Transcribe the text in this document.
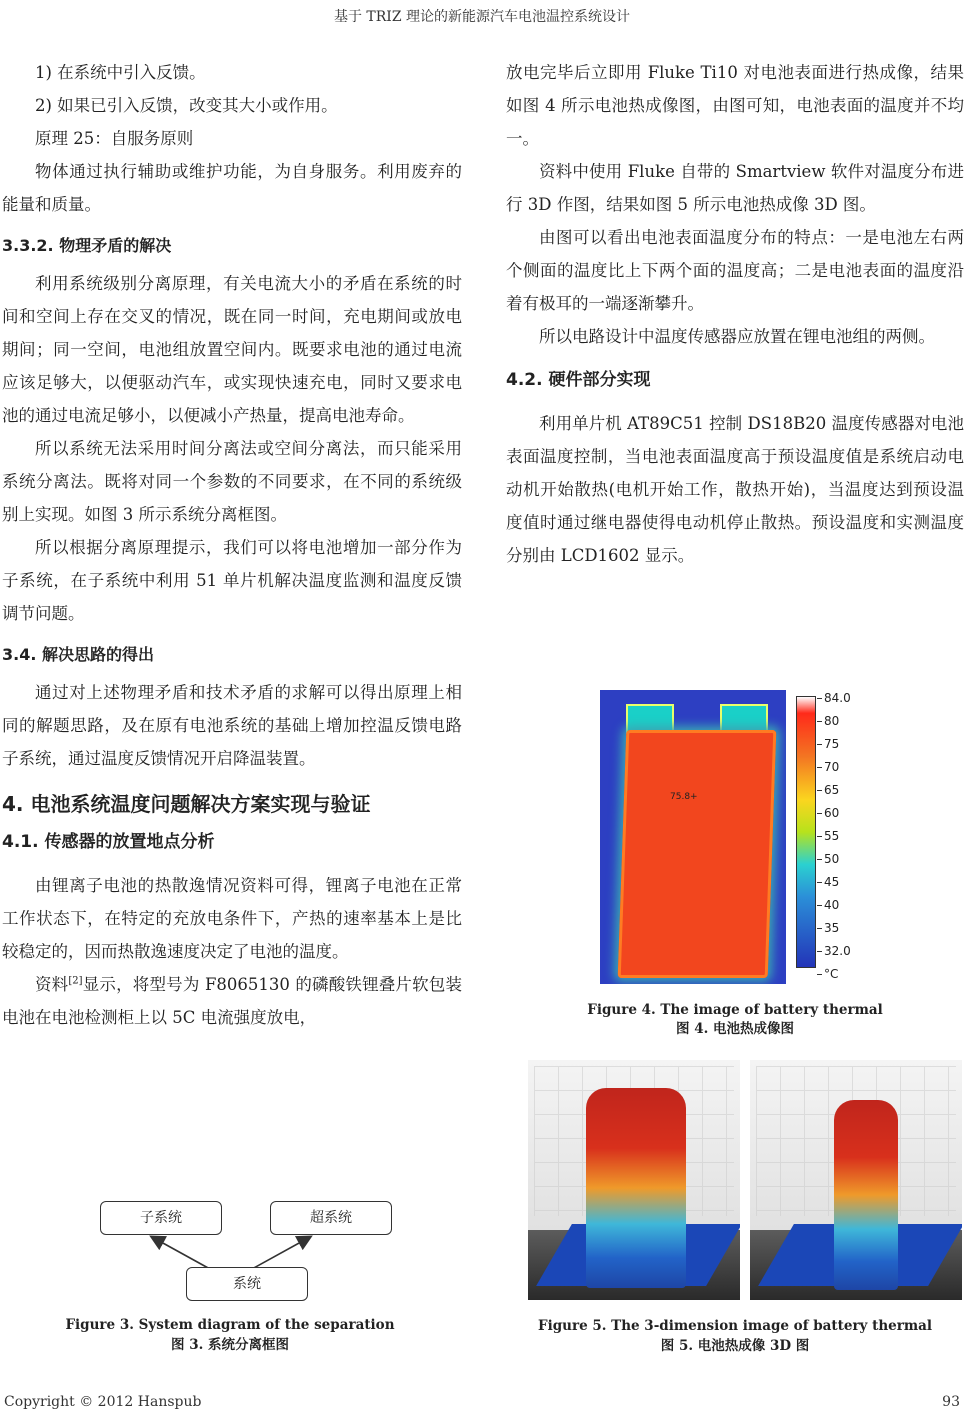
基于 TRIZ 理论的新能源汽车电池温控系统设计

1) 在系统中引入反馈。

2) 如果已引入反馈，改变其大小或作用。

原理 25：自服务原则

物体通过执行辅助或维护功能，为自身服务。利用废弃的能量和质量。

3.3.2. 物理矛盾的解决

利用系统级别分离原理，有关电流大小的矛盾在系统的时间和空间上存在交叉的情况，既在同一时间，充电期间或放电期间；同一空间，电池组放置空间内。既要求电池的通过电流应该足够大，以便驱动汽车，或实现快速充电，同时又要求电池的通过电流足够小，以便减小产热量，提高电池寿命。

所以系统无法采用时间分离法或空间分离法，而只能采用系统分离法。既将对同一个参数的不同要求，在不同的系统级别上实现。如图 3 所示系统分离框图。

所以根据分离原理提示，我们可以将电池增加一部分作为子系统，在子系统中利用 51 单片机解决温度监测和温度反馈调节问题。

3.4. 解决思路的得出

通过对上述物理矛盾和技术矛盾的求解可以得出原理上相同的解题思路，及在原有电池系统的基础上增加控温反馈电路子系统，通过温度反馈情况开启降温装置。

4. 电池系统温度问题解决方案实现与验证

4.1. 传感器的放置地点分析

由锂离子电池的热散逸情况资料可得，锂离子电池在正常工作状态下，在特定的充放电条件下，产热的速率基本上是比较稳定的，因而热散逸速度决定了电池的温度。

资料[2]显示，将型号为 F8065130 的磷酸铁锂叠片软包装电池在电池检测柜上以 5C 电流强度放电，

子系统	超系统
系统
Figure 3. System diagram of the separation
图 3. 系统分离框图

放电完毕后立即用 Fluke Ti10 对电池表面进行热成像，结果如图 4 所示电池热成像图，由图可知，电池表面的温度并不均一。

资料中使用 Fluke 自带的 Smartview 软件对温度分布进行 3D 作图，结果如图 5 所示电池热成像 3D 图。

由图可以看出电池表面温度分布的特点：一是电池左右两个侧面的温度比上下两个面的温度高；二是电池表面的温度沿着有极耳的一端逐渐攀升。

所以电路设计中温度传感器应放置在锂电池组的两侧。

4.2. 硬件部分实现

利用单片机 AT89C51 控制 DS18B20 温度传感器对电池表面温度控制，当电池表面温度高于预设温度值是系统启动电动机开始散热(电机开始工作，散热开始)，当温度达到预设温度值时通过继电器使得电动机停止散热。预设温度和实测温度分别由 LCD1602 显示。

75.8+
84.0
80
75
70
65
60
55
50
45
40
35
32.0
°C
Figure 4. The image of battery thermal
图 4. 电池热成像图
Figure 5. The 3-dimension image of battery thermal
图 5. 电池热成像 3D 图
Copyright © 2012 Hanspub	93
